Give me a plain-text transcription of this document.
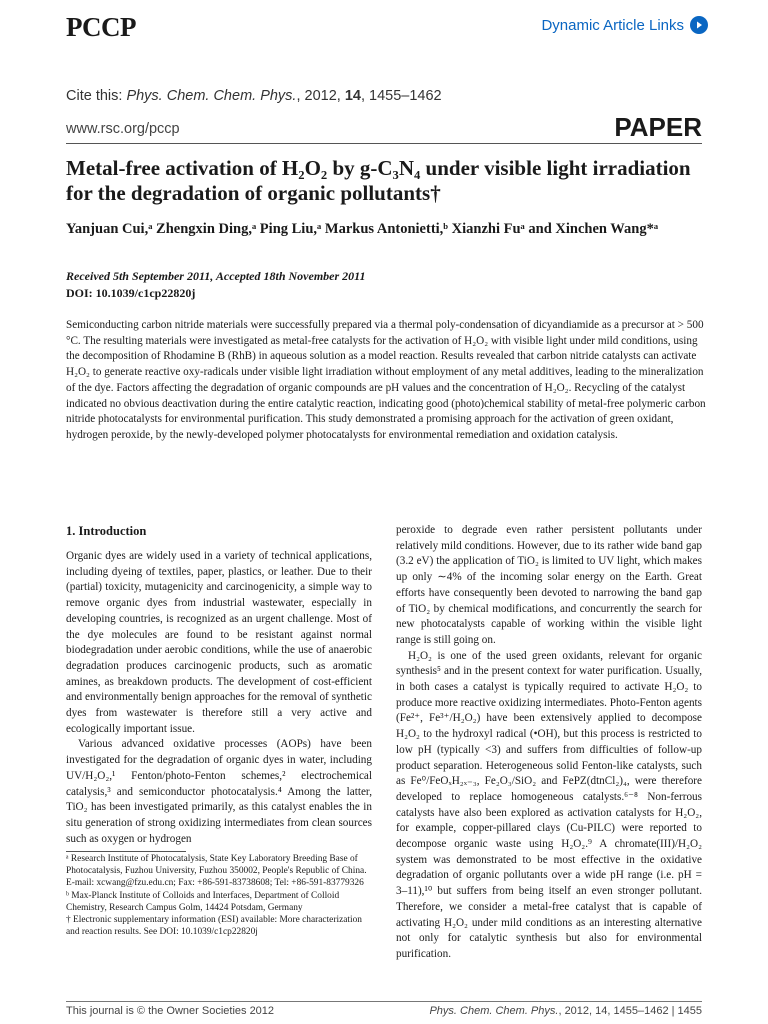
PCCP	Dynamic Article Links
Cite this: Phys. Chem. Chem. Phys., 2012, 14, 1455–1462
www.rsc.org/pccp	PAPER
Metal-free activation of H₂O₂ by g-C₃N₄ under visible light irradiation for the degradation of organic pollutants†
Yanjuan Cui,ᵃ Zhengxin Ding,ᵃ Ping Liu,ᵃ Markus Antonietti,ᵇ Xianzhi Fuᵃ and Xinchen Wang*ᵃ
Received 5th September 2011, Accepted 18th November 2011
DOI: 10.1039/c1cp22820j
Semiconducting carbon nitride materials were successfully prepared via a thermal poly-condensation of dicyandiamide as a precursor at > 500 °C. The resulting materials were investigated as metal-free catalysts for the activation of H₂O₂ with visible light under mild conditions, using the decomposition of Rhodamine B (RhB) in aqueous solution as a model reaction. Results revealed that carbon nitride catalysts can activate H₂O₂ to generate reactive oxy-radicals under visible light irradiation without employment of any metal additives, leading to the mineralization of the dye. Factors affecting the degradation of organic compounds are pH values and the concentration of H₂O₂. Recycling of the catalyst indicated no obvious deactivation during the entire catalytic reaction, indicating good (photo)chemical stability of metal-free polymeric carbon nitride photocatalysts for environmental purification. This study demonstrated a promising approach for the activation of green oxidant, hydrogen peroxide, by the newly-developed polymer photocatalysts for environmental remediation and oxidation catalysis.
1. Introduction

Organic dyes are widely used in a variety of technical applications, including dyeing of textiles, paper, plastics, or leather. Due to their (partial) toxicity, mutagenicity and carcinogenicity, a simple way to remove organic dyes from industrial wastewater, especially in developing countries, is recognized as an urgent challenge. Most of the dye molecules are found to be resistant against normal biodegradation under aerobic conditions, while the use of anaerobic degradation produces carcinogenic products, such as aromatic amines, as breakdown products. The development of cost-efficient and environmentally benign approaches for the removal of synthetic dyes from wastewater is therefore still a very active and ecologically important issue.

Various advanced oxidative processes (AOPs) have been investigated for the degradation of organic dyes in water, including UV/H₂O₂,¹ Fenton/photo-Fenton schemes,² electrochemical catalysis,³ and semiconductor photocatalysis.⁴ Among the latter, TiO₂ has been investigated primarily, as this catalyst enables the in situ generation of strong oxidizing intermediates from clean sources such as oxygen or hydrogen

peroxide to degrade even rather persistent pollutants under relatively mild conditions. However, due to its rather wide band gap (3.2 eV) the application of TiO₂ is limited to UV light, which makes up only ∼4% of the incoming solar energy on the Earth. Great efforts have consequently been devoted to narrowing the band gap of TiO₂ by chemical modifications, and concurrently the search for new photocatalysts capable of working within the visible light range is still going on.

H₂O₂ is one of the used green oxidants, relevant for organic synthesis⁵ and in the present context for water purification. Usually, in both cases a catalyst is typically required to activate H₂O₂ to produce more reactive oxidizing intermediates. Photo-Fenton agents (Fe²⁺, Fe³⁺/H₂O₂) have been extensively applied to decompose H₂O₂ to the hydroxyl radical (•OH), but this process is restricted to low pH (typically <3) and suffers from difficulties of follow-up product separation. Heterogeneous solid Fenton-like catalysts, such as Fe⁰/FeOₓH₂ₓ₋₃, Fe₂O₃/SiO₂ and FePZ(dtnCl₂)₄, were therefore developed to replace homogeneous catalysts.⁶⁻⁸ Non-ferrous catalysts have also been explored as activation catalysts for H₂O₂, for example, copper-pillared clays (Cu-PILC) were reported to decompose organic waste using H₂O₂.⁹ A chromate(III)/H₂O₂ system was demonstrated to be most effective in the oxidative degradation of organic pollutants over a wide pH range (i.e. pH = 3–11),¹⁰ but suffers from being itself an even stronger pollutant. Therefore, we consider a metal-free catalyst that is capable of activating H₂O₂ under mild conditions as an interesting alternative not only for catalytic synthesis but also for environmental purification.

ᵃ Research Institute of Photocatalysis, State Key Laboratory Breeding Base of Photocatalysis, Fuzhou University, Fuzhou 350002, People's Republic of China. E-mail: xcwang@fzu.edu.cn; Fax: +86-591-83738608; Tel: +86-591-83779326

ᵇ Max-Planck Institute of Colloids and Interfaces, Department of Colloid Chemistry, Research Campus Golm, 14424 Potsdam, Germany

† Electronic supplementary information (ESI) available: More characterization and reaction results. See DOI: 10.1039/c1cp22820j

This journal is © the Owner Societies 2012	Phys. Chem. Chem. Phys., 2012, 14, 1455–1462 | 1455
